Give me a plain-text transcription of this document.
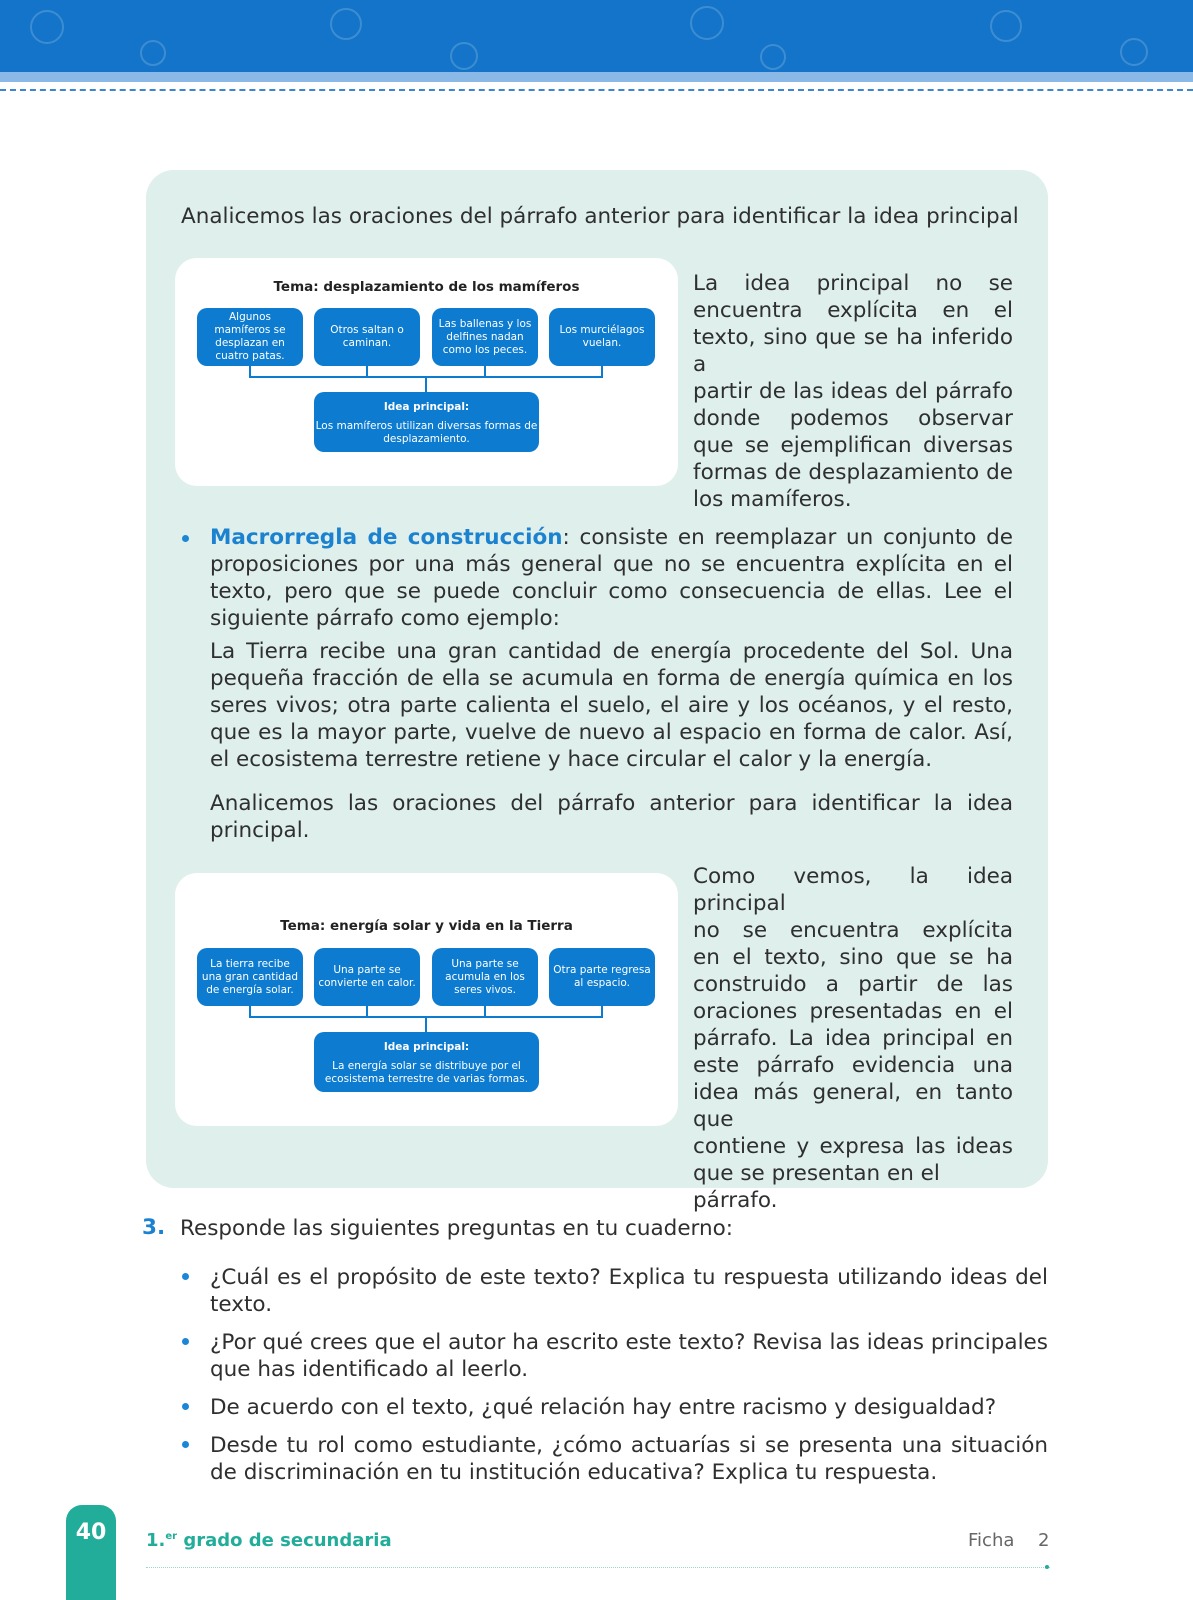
Analicemos las oraciones del párrafo anterior para identificar la idea principal

Tema: desplazamiento de los mamíferos
Algunos mamíferos se desplazan en cuatro patas.
Otros saltan o caminan.
Las ballenas y los delfines nadan como los peces.
Los murciélagos vuelan.
Idea principal:
Los mamíferos utilizan diversas formas de desplazamiento.
La idea principal no se
encuentra explícita en el
texto, sino que se ha inferido a
partir de las ideas del párrafo
donde podemos observar
que se ejemplifican diversas
formas de desplazamiento de
los mamíferos.
Macrorregla de construcción: consiste en reemplazar un conjunto de
proposiciones por una más general que no se encuentra explícita en el
texto, pero que se puede concluir como consecuencia de ellas. Lee el
siguiente párrafo como ejemplo:
La Tierra recibe una gran cantidad de energía procedente del Sol. Una
pequeña fracción de ella se acumula en forma de energía química en los
seres vivos; otra parte calienta el suelo, el aire y los océanos, y el resto,
que es la mayor parte, vuelve de nuevo al espacio en forma de calor. Así,
el ecosistema terrestre retiene y hace circular el calor y la energía.
Analicemos las oraciones del párrafo anterior para identificar la idea
principal.
Tema: energía solar y vida en la Tierra
La tierra recibe una gran cantidad de energía solar.
Una parte se convierte en calor.
Una parte se acumula en los seres vivos.
Otra parte regresa al espacio.
Idea principal:
La energía solar se distribuye por el ecosistema terrestre de varias formas.
Como vemos, la idea principal
no se encuentra explícita
en el texto, sino que se ha
construido a partir de las
oraciones presentadas en el
párrafo. La idea principal en
este párrafo evidencia una
idea más general, en tanto que
contiene y expresa las ideas
que se presentan en el párrafo.
3. Responde las siguientes preguntas en tu cuaderno:
¿Cuál es el propósito de este texto? Explica tu respuesta utilizando ideas del
texto.
¿Por qué crees que el autor ha escrito este texto? Revisa las ideas principales
que has identificado al leerlo.
De acuerdo con el texto, ¿qué relación hay entre racismo y desigualdad?
Desde tu rol como estudiante, ¿cómo actuarías si se presenta una situación
de discriminación en tu institución educativa? Explica tu respuesta.
40	1.$^{er}$ grado de secundaria	Ficha 2
